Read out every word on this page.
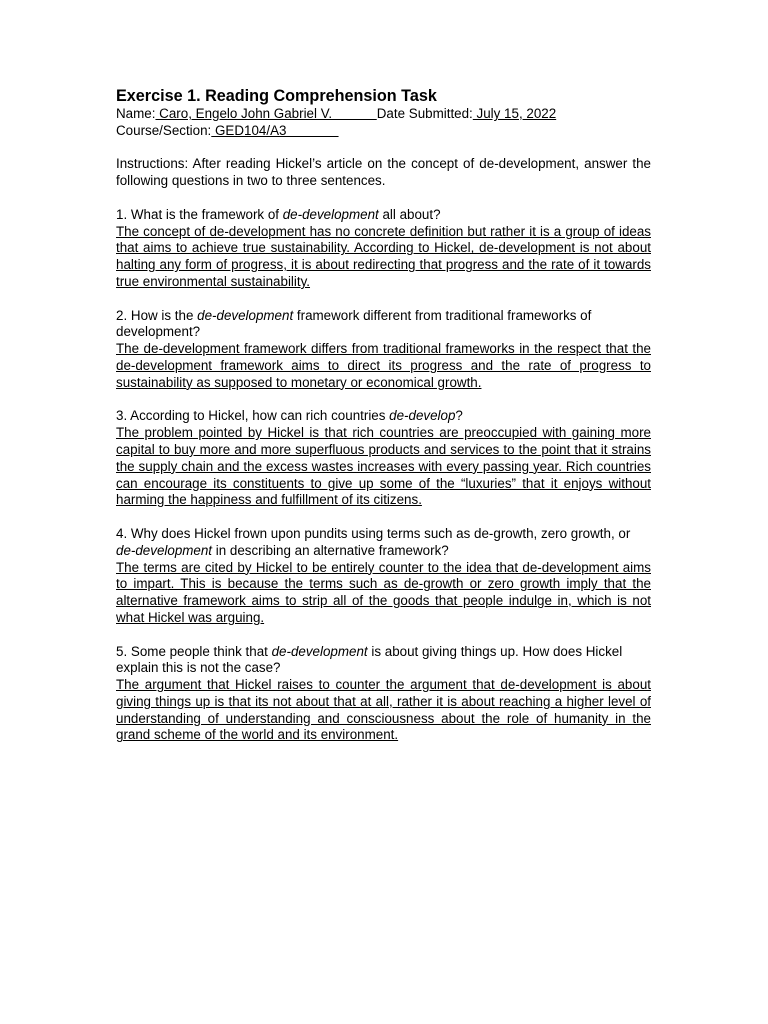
Exercise 1. Reading Comprehension Task

Name: Caro, Engelo John Gabriel V. Date Submitted: July 15, 2022
Course/Section: GED104/A3

Instructions: After reading Hickel’s article on the concept of de-development, answer the following questions in two to three sentences.

1. What is the framework of de-development all about?

The concept of de-development has no concrete definition but rather it is a group of ideas that aims to achieve true sustainability. According to Hickel, de-development is not about halting any form of progress, it is about redirecting that progress and the rate of it towards true environmental sustainability.

2. How is the de-development framework different from traditional frameworks of development?

The de-development framework differs from traditional frameworks in the respect that the de-development framework aims to direct its progress and the rate of progress to sustainability as supposed to monetary or economical growth.

3. According to Hickel, how can rich countries de-develop?

The problem pointed by Hickel is that rich countries are preoccupied with gaining more capital to buy more and more superfluous products and services to the point that it strains the supply chain and the excess wastes increases with every passing year. Rich countries can encourage its constituents to give up some of the “luxuries” that it enjoys without harming the happiness and fulfillment of its citizens.

4. Why does Hickel frown upon pundits using terms such as de-growth, zero growth, or de-development in describing an alternative framework?

The terms are cited by Hickel to be entirely counter to the idea that de-development aims to impart. This is because the terms such as de-growth or zero growth imply that the alternative framework aims to strip all of the goods that people indulge in, which is not what Hickel was arguing.

5. Some people think that de-development is about giving things up. How does Hickel explain this is not the case?

The argument that Hickel raises to counter the argument that de-development is about giving things up is that its not about that at all, rather it is about reaching a higher level of understanding of understanding and consciousness about the role of humanity in the grand scheme of the world and its environment.
